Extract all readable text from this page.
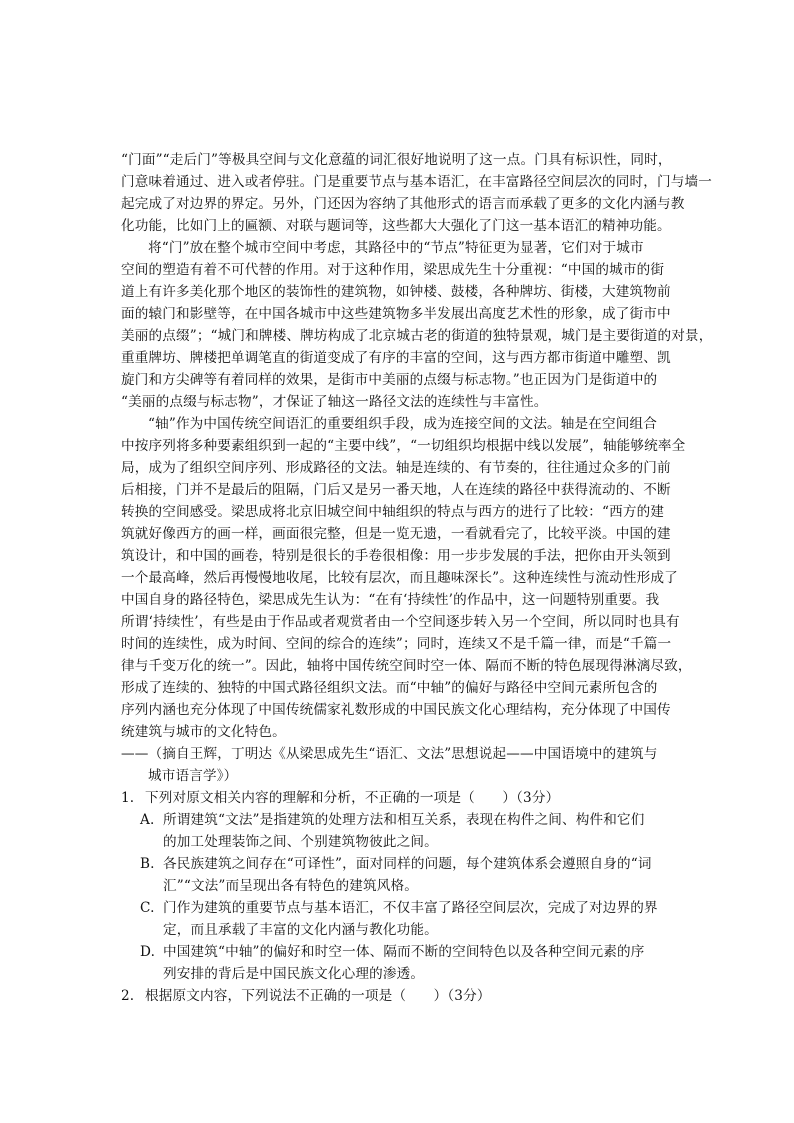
“门面”“走后门”等极具空间与文化意蕴的词汇很好地说明了这一点。门具有标识性，同时，
门意味着通过、进入或者停驻。门是重要节点与基本语汇，在丰富路径空间层次的同时，门与墙一
起完成了对边界的界定。另外，门还因为容纳了其他形式的语言而承载了更多的文化内涵与教
化功能，比如门上的匾额、对联与题词等，这些都大大强化了门这一基本语汇的精神功能。
将“门”放在整个城市空间中考虑，其路径中的“节点”特征更为显著，它们对于城市
空间的塑造有着不可代替的作用。对于这种作用，梁思成先生十分重视：“中国的城市的街
道上有许多美化那个地区的装饰性的建筑物，如钟楼、鼓楼，各种牌坊、街楼，大建筑物前
面的辕门和影壁等，在中国各城市中这些建筑物多半发展出高度艺术性的形象，成了街市中
美丽的点缀”；“城门和牌楼、牌坊构成了北京城古老的街道的独特景观，城门是主要街道的对景，
重重牌坊、牌楼把单调笔直的街道变成了有序的丰富的空间，这与西方都市街道中雕塑、凯
旋门和方尖碑等有着同样的效果，是街市中美丽的点缀与标志物。”也正因为门是街道中的
“美丽的点缀与标志物”，才保证了轴这一路径文法的连续性与丰富性。
“轴”作为中国传统空间语汇的重要组织手段，成为连接空间的文法。轴是在空间组合
中按序列将多种要素组织到一起的“主要中线”，“一切组织均根据中线以发展”，轴能够统率全
局，成为了组织空间序列、形成路径的文法。轴是连续的、有节奏的，往往通过众多的门前
后相接，门并不是最后的阻隔，门后又是另一番天地，人在连续的路径中获得流动的、不断
转换的空间感受。梁思成将北京旧城空间中轴组织的特点与西方的进行了比较：“西方的建
筑就好像西方的画一样，画面很完整，但是一览无遗，一看就看完了，比较平淡。中国的建
筑设计，和中国的画卷，特别是很长的手卷很相像：用一步步发展的手法，把你由开头领到
一个最高峰，然后再慢慢地收尾，比较有层次，而且趣味深长”。这种连续性与流动性形成了
中国自身的路径特色，梁思成先生认为：“在有‘持续性’的作品中，这一问题特别重要。我
所谓‘持续性’，有些是由于作品或者观赏者由一个空间逐步转入另一个空间，所以同时也具有
时间的连续性，成为时间、空间的综合的连续”；同时，连续又不是千篇一律，而是“千篇一
律与千变万化的统一”。因此，轴将中国传统空间时空一体、隔而不断的特色展现得淋漓尽致，
形成了连续的、独特的中国式路径组织文法。而“中轴”的偏好与路径中空间元素所包含的
序列内涵也充分体现了中国传统儒家礼数形成的中国民族文化心理结构，充分体现了中国传
统建筑与城市的文化特色。
——（摘自王辉，丁明达《从梁思成先生“语汇、文法”思想说起——中国语境中的建筑与
城市语言学》）
1. 下列对原文相关内容的理解和分析，不正确的一项是（　　）（3分）
A. 所谓建筑“文法”是指建筑的处理方法和相互关系，表现在构件之间、构件和它们
的加工处理装饰之间、个别建筑物彼此之间。
B. 各民族建筑之间存在“可译性”，面对同样的问题，每个建筑体系会遵照自身的“词
汇”“文法”而呈现出各有特色的建筑风格。
C. 门作为建筑的重要节点与基本语汇，不仅丰富了路径空间层次，完成了对边界的界
定，而且承载了丰富的文化内涵与教化功能。
D. 中国建筑“中轴”的偏好和时空一体、隔而不断的空间特色以及各种空间元素的序
列安排的背后是中国民族文化心理的渗透。
2. 根据原文内容，下列说法不正确的一项是（　　）（3分）
